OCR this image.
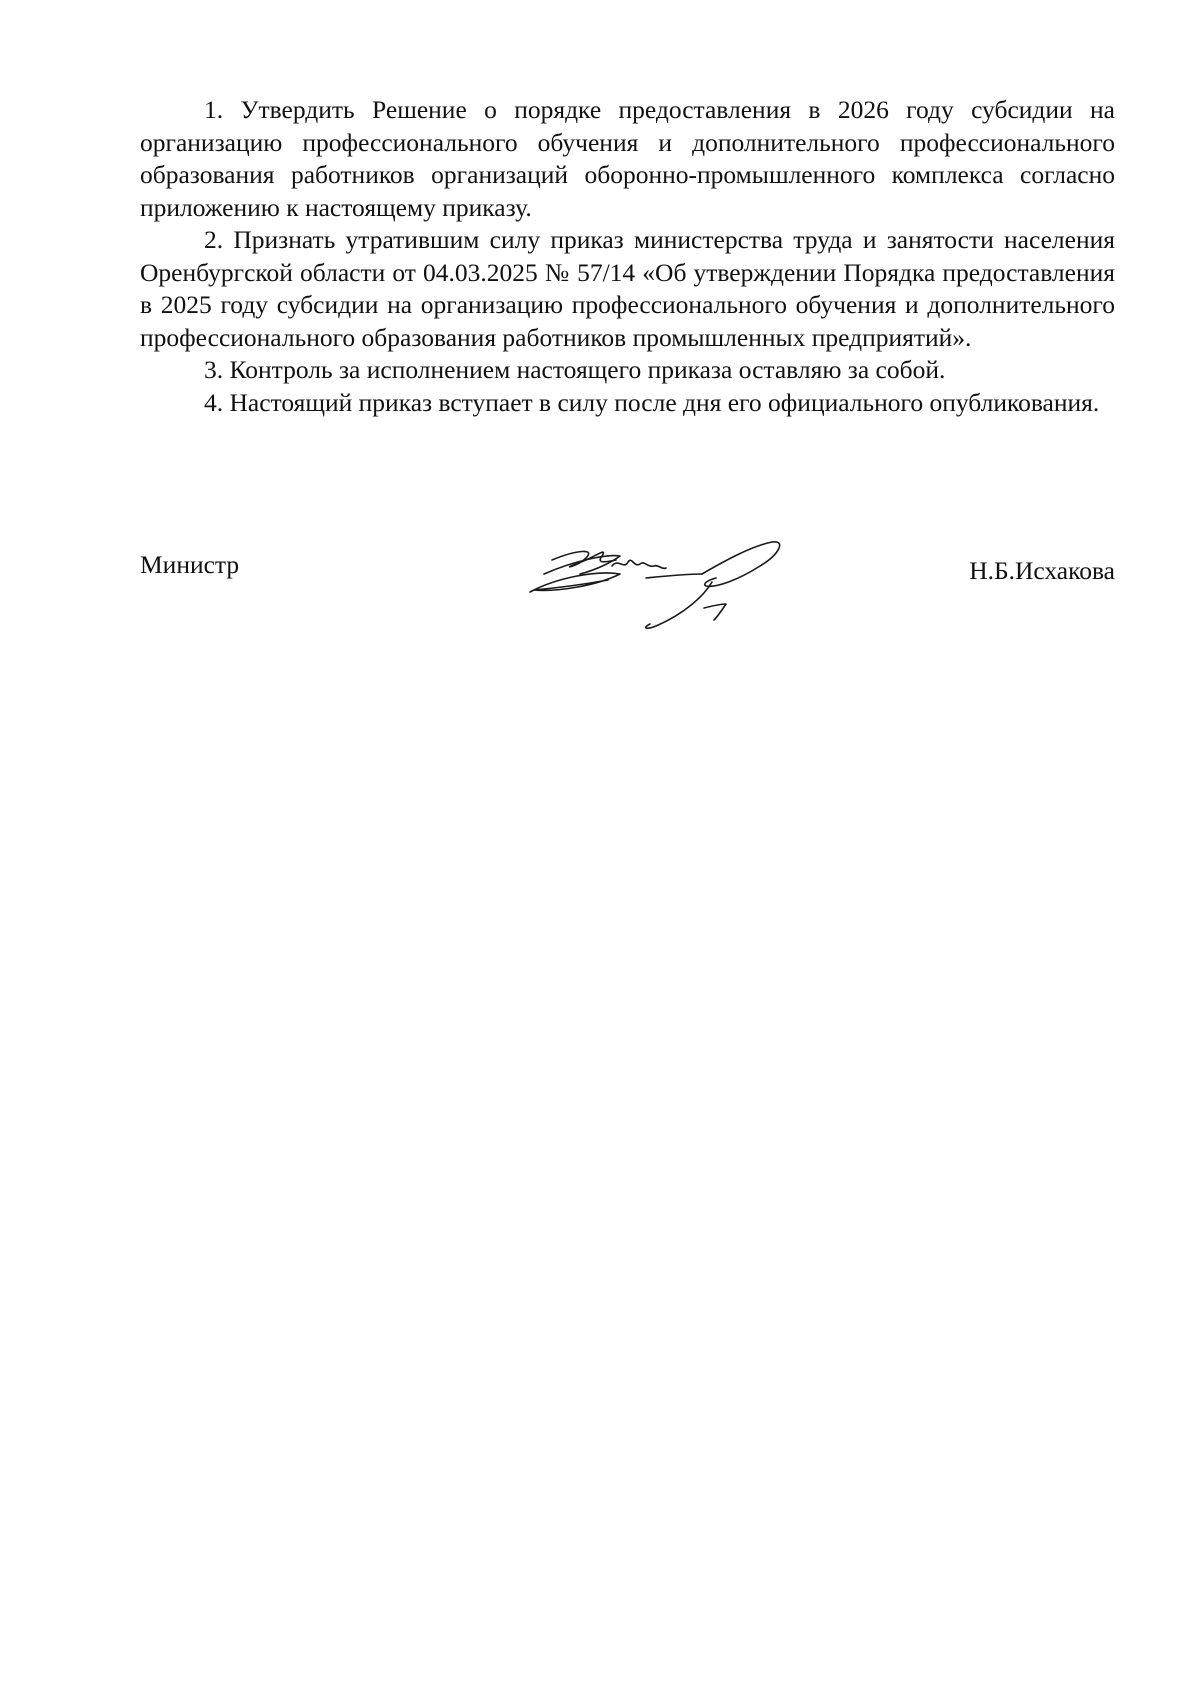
1. Утвердить Решение о порядке предоставления в 2026 году субсидии на организацию профессионального обучения и дополнительного профессионального образования работников организаций оборонно-промышленного комплекса согласно приложению к настоящему приказу.

2. Признать утратившим силу приказ министерства труда и занятости населения Оренбургской области от 04.03.2025 № 57/14 «Об утверждении Порядка предоставления в 2025 году субсидии на организацию профессионального обучения и дополнительного профессионального образования работников промышленных предприятий».

3. Контроль за исполнением настоящего приказа оставляю за собой.

4. Настоящий приказ вступает в силу после дня его официального опубликования.

Министр	Н.Б.Исхакова
